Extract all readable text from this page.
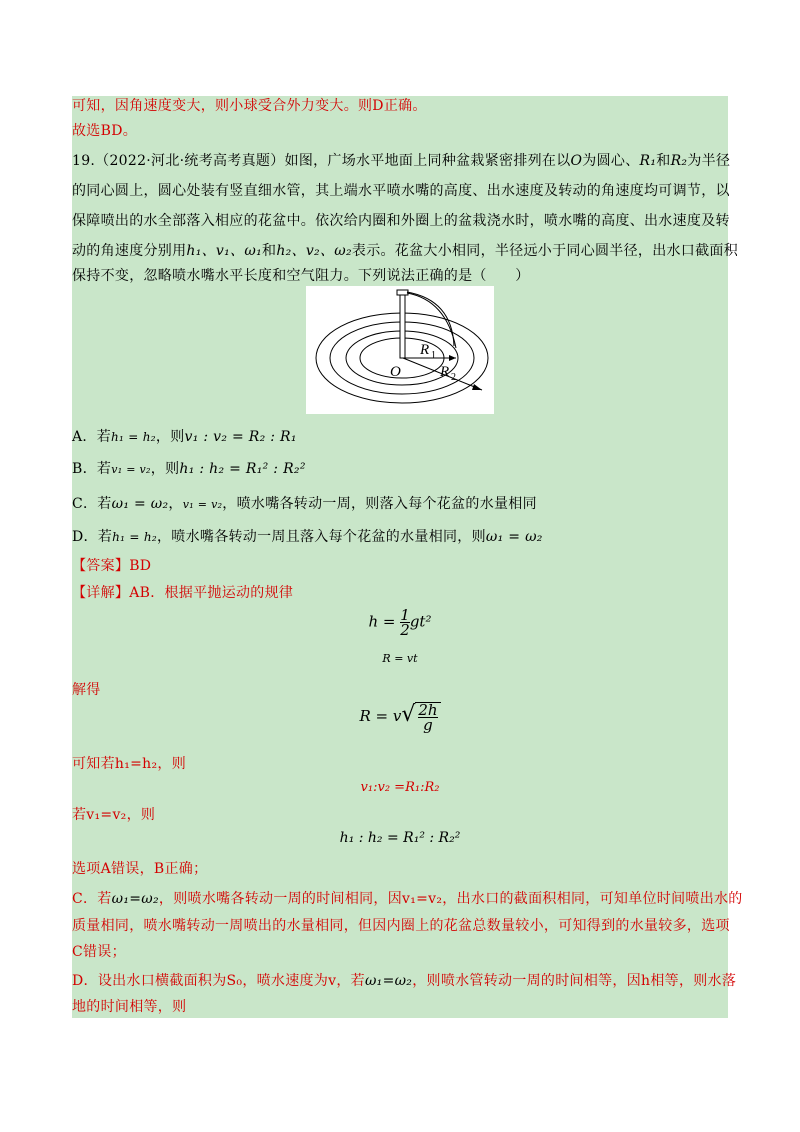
可知，因角速度变大，则小球受合外力变大。则D正确。
故选BD。
19.（2022·河北·统考高考真题）如图，广场水平地面上同种盆栽紧密排列在以O为圆心、R₁和R₂为半径
的同心圆上，圆心处装有竖直细水管，其上端水平喷水嘴的高度、出水速度及转动的角速度均可调节，以
保障喷出的水全部落入相应的花盆中。依次给内圈和外圈上的盆栽浇水时，喷水嘴的高度、出水速度及转
动的角速度分别用h₁、v₁、ω₁和h₂、v₂、ω₂表示。花盆大小相同，半径远小于同心圆半径，出水口截面积
保持不变，忽略喷水嘴水平长度和空气阻力。下列说法正确的是（　　）
O
R 1
R 2
A．若h₁ = h₂，则v₁ : v₂ = R₂ : R₁
B．若v₁ = v₂，则h₁ : h₂ = R₁² : R₂²
C．若ω₁ = ω₂，v₁ = v₂，喷水嘴各转动一周，则落入每个花盆的水量相同
D．若h₁ = h₂，喷水嘴各转动一周且落入每个花盆的水量相同，则ω₁ = ω₂
【答案】BD
【详解】AB．根据平抛运动的规律
$h = \frac{1}{2} gt^2$
R = vt
解得
$R = v√ \frac{2h}{g}$
可知若h₁=h₂，则
v₁:v₂ =R₁:R₂
若v₁=v₂，则
h₁ : h₂ = R₁² : R₂²
选项A错误，B正确；
C．若ω₁=ω₂，则喷水嘴各转动一周的时间相同，因v₁=v₂，出水口的截面积相同，可知单位时间喷出水的
质量相同，喷水嘴转动一周喷出的水量相同，但因内圈上的花盆总数量较小，可知得到的水量较多，选项
C错误；
D．设出水口横截面积为S₀，喷水速度为v，若ω₁=ω₂，则喷水管转动一周的时间相等，因h相等，则水落
地的时间相等，则
